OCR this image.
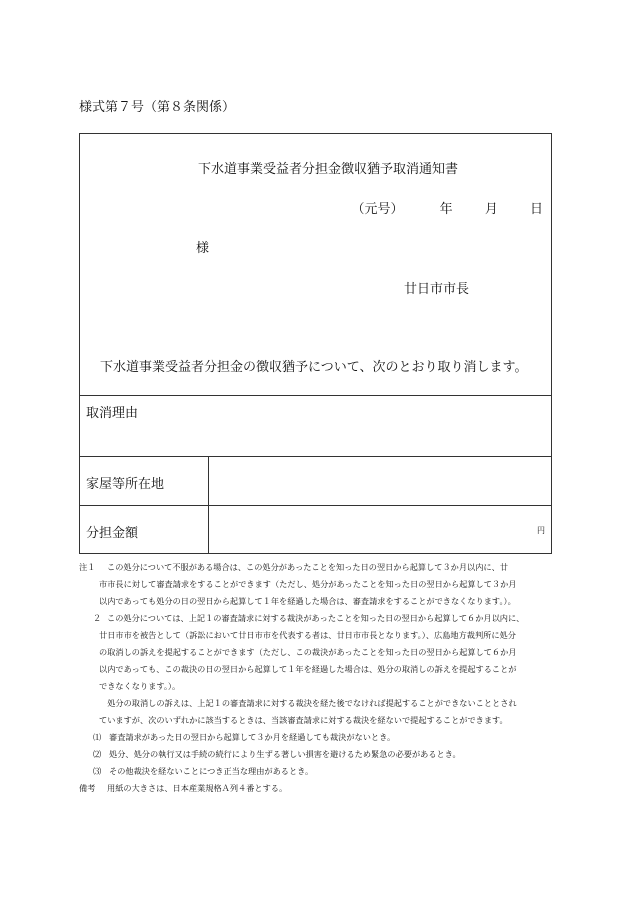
様式第７号（第８条関係）
下水道事業受益者分担金徴収猶予取消通知書
（元号）	年 月 日
様
廿日市市長
下水道事業受益者分担金の徴収猶予について、次のとおり取り消します。
取消理由
家屋等所在地
分担金額	円
注１ この処分について不服がある場合は、この処分があったことを知った日の翌日から起算して３か月以内に、廿
市市長に対して審査請求をすることができます（ただし、処分があったことを知った日の翌日から起算して３か月
以内であっても処分の日の翌日から起算して１年を経過した場合は、審査請求をすることができなくなります。）。
２ この処分については、上記１の審査請求に対する裁決があったことを知った日の翌日から起算して６か月以内に、
廿日市市を被告として（訴訟において廿日市市を代表する者は、廿日市市長となります。）、広島地方裁判所に処分
の取消しの訴えを提起することができます（ただし、この裁決があったことを知った日の翌日から起算して６か月
以内であっても、この裁決の日の翌日から起算して１年を経過した場合は、処分の取消しの訴えを提起することが
できなくなります。）。
　処分の取消しの訴えは、上記１の審査請求に対する裁決を経た後でなければ提起することができないこととされ
ていますが、次のいずれかに該当するときは、当該審査請求に対する裁決を経ないで提起することができます。
⑴ 審査請求があった日の翌日から起算して３か月を経過しても裁決がないとき。
⑵ 処分、処分の執行又は手続の続行により生ずる著しい損害を避けるため緊急の必要があるとき。
⑶ その他裁決を経ないことにつき正当な理由があるとき。
備考 用紙の大きさは、日本産業規格Ａ列４番とする。
